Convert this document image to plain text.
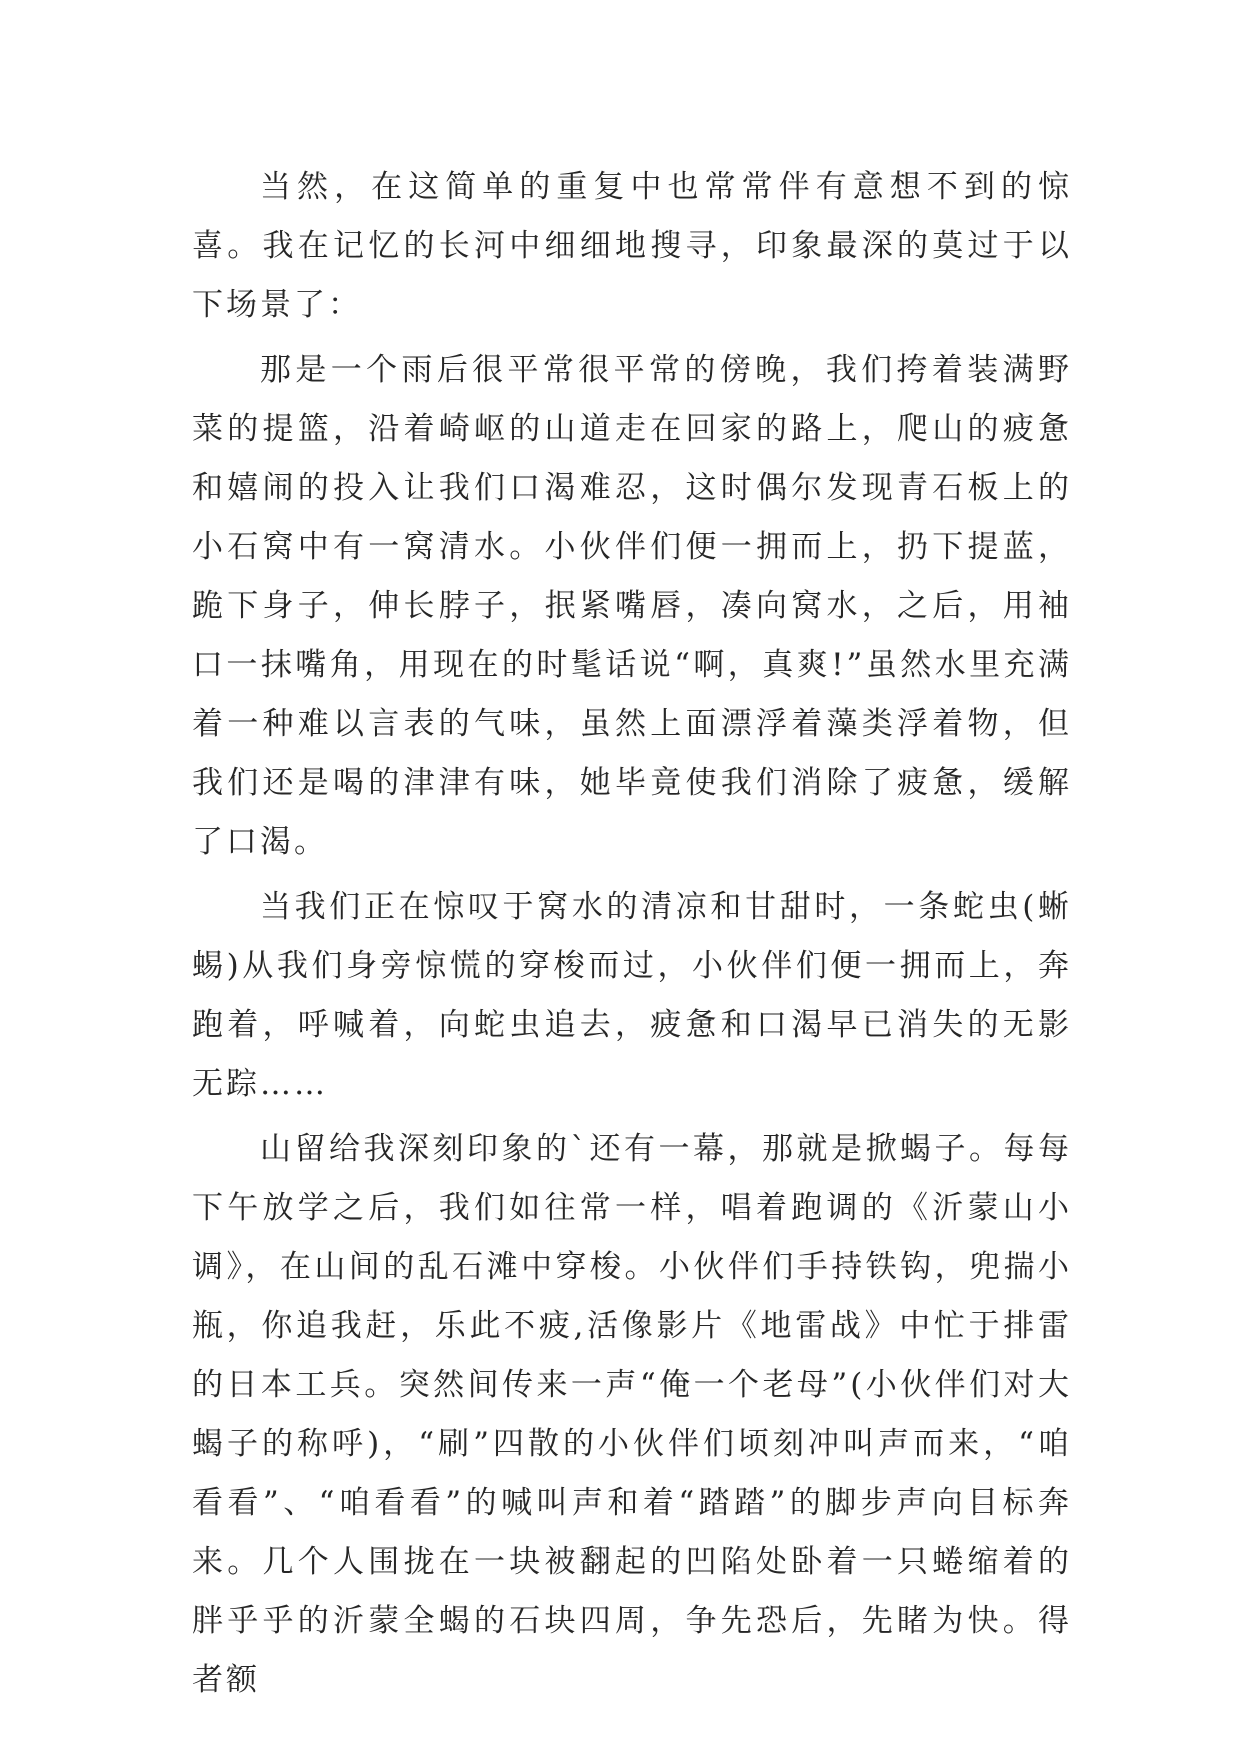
当然，在这简单的重复中也常常伴有意想不到的惊喜。我在记忆的长河中细细地搜寻，印象最深的莫过于以下场景了：

那是一个雨后很平常很平常的傍晚，我们挎着装满野菜的提篮，沿着崎岖的山道走在回家的路上，爬山的疲惫和嬉闹的投入让我们口渴难忍，这时偶尔发现青石板上的小石窝中有一窝清水。小伙伴们便一拥而上，扔下提蓝，跪下身子，伸长脖子，抿紧嘴唇，凑向窝水，之后，用袖口一抹嘴角，用现在的时髦话说“啊，真爽!”虽然水里充满着一种难以言表的气味，虽然上面漂浮着藻类浮着物，但我们还是喝的津津有味，她毕竟使我们消除了疲惫，缓解了口渴。

当我们正在惊叹于窝水的清凉和甘甜时，一条蛇虫(蜥蜴)从我们身旁惊慌的穿梭而过，小伙伴们便一拥而上，奔跑着，呼喊着，向蛇虫追去，疲惫和口渴早已消失的无影无踪……

山留给我深刻印象的`还有一幕，那就是掀蝎子。每每下午放学之后，我们如往常一样，唱着跑调的《沂蒙山小调》，在山间的乱石滩中穿梭。小伙伴们手持铁钩，兜揣小瓶，你追我赶，乐此不疲,活像影片《地雷战》中忙于排雷的日本工兵。突然间传来一声“俺一个老母”(小伙伴们对大蝎子的称呼)，“刷”四散的小伙伴们顷刻冲叫声而来，“咱看看”、“咱看看”的喊叫声和着“踏踏”的脚步声向目标奔来。几个人围拢在一块被翻起的凹陷处卧着一只蜷缩着的胖乎乎的沂蒙全蝎的石块四周，争先恐后，先睹为快。得者额
